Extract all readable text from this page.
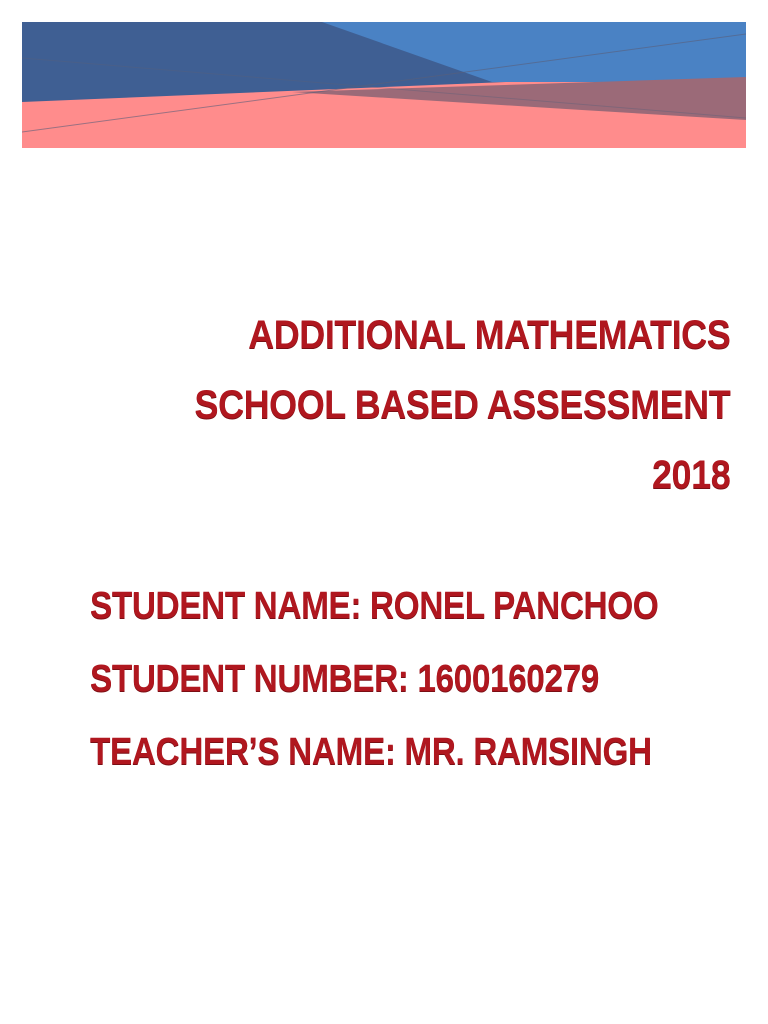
ADDITIONAL MATHEMATICS
SCHOOL BASED ASSESSMENT
2018
STUDENT NAME: RONEL PANCHOO
STUDENT NUMBER: 1600160279
TEACHER’S NAME: MR. RAMSINGH
